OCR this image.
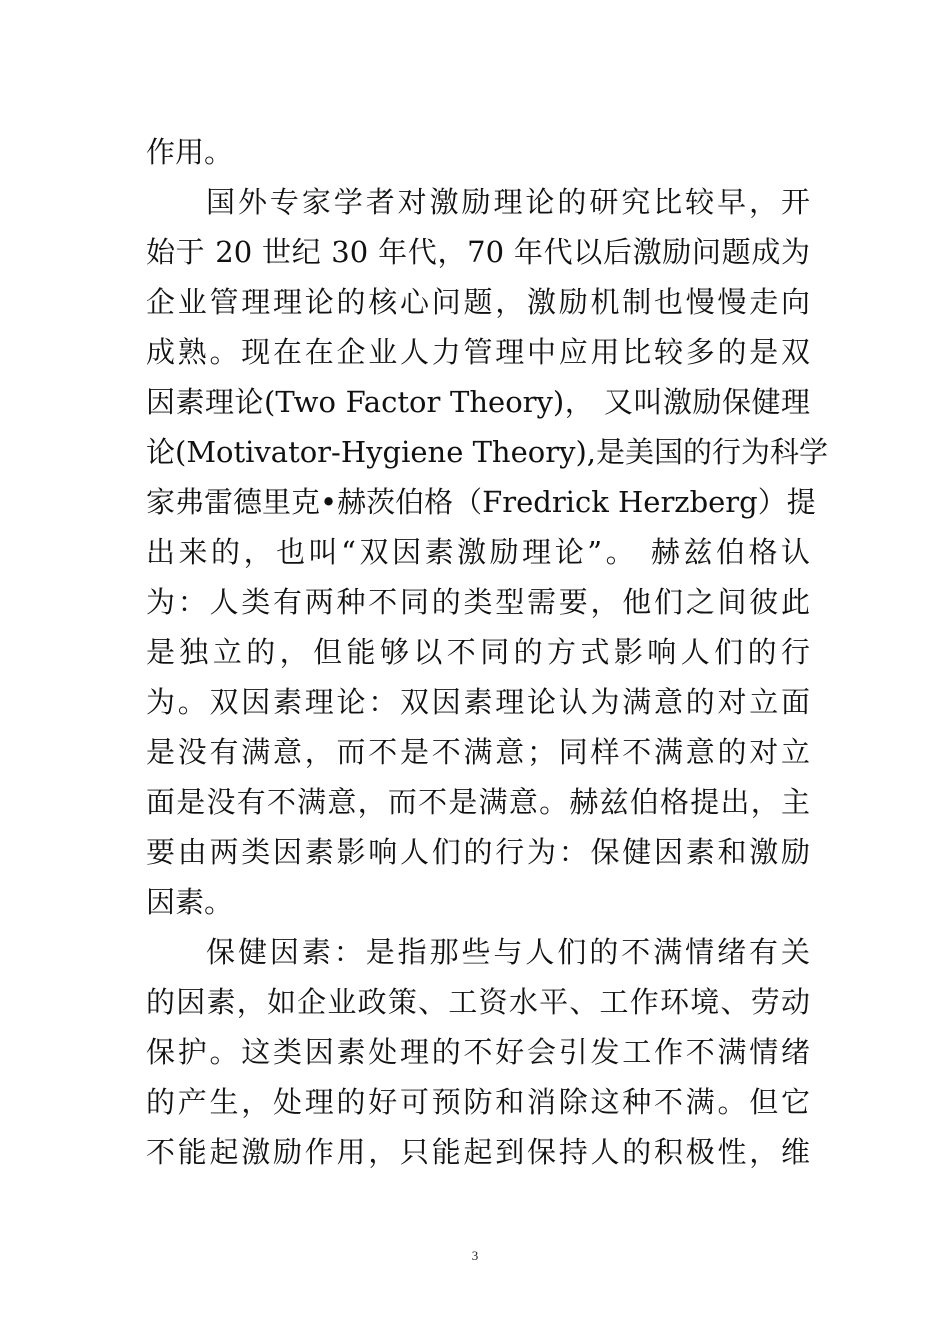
作用。
国外专家学者对激励理论的研究比较早，开
始于 20 世纪 30 年代，70 年代以后激励问题成为
企业管理理论的核心问题，激励机制也慢慢走向
成熟。现在在企业人力管理中应用比较多的是双
因素理论(Two Factor Theory)， 又叫激励保健理
论(Motivator-Hygiene Theory),是美国的行为科学
家弗雷德里克•赫茨伯格（Fredrick Herzberg）提
出来的，也叫“双因素激励理论”。 赫兹伯格认
为：人类有两种不同的类型需要，他们之间彼此
是独立的，但能够以不同的方式影响人们的行
为。双因素理论：双因素理论认为满意的对立面
是没有满意，而不是不满意；同样不满意的对立
面是没有不满意，而不是满意。赫兹伯格提出，主
要由两类因素影响人们的行为：保健因素和激励
因素。
保健因素：是指那些与人们的不满情绪有关
的因素，如企业政策、工资水平、工作环境、劳动
保护。这类因素处理的不好会引发工作不满情绪
的产生，处理的好可预防和消除这种不满。但它
不能起激励作用，只能起到保持人的积极性，维
3
